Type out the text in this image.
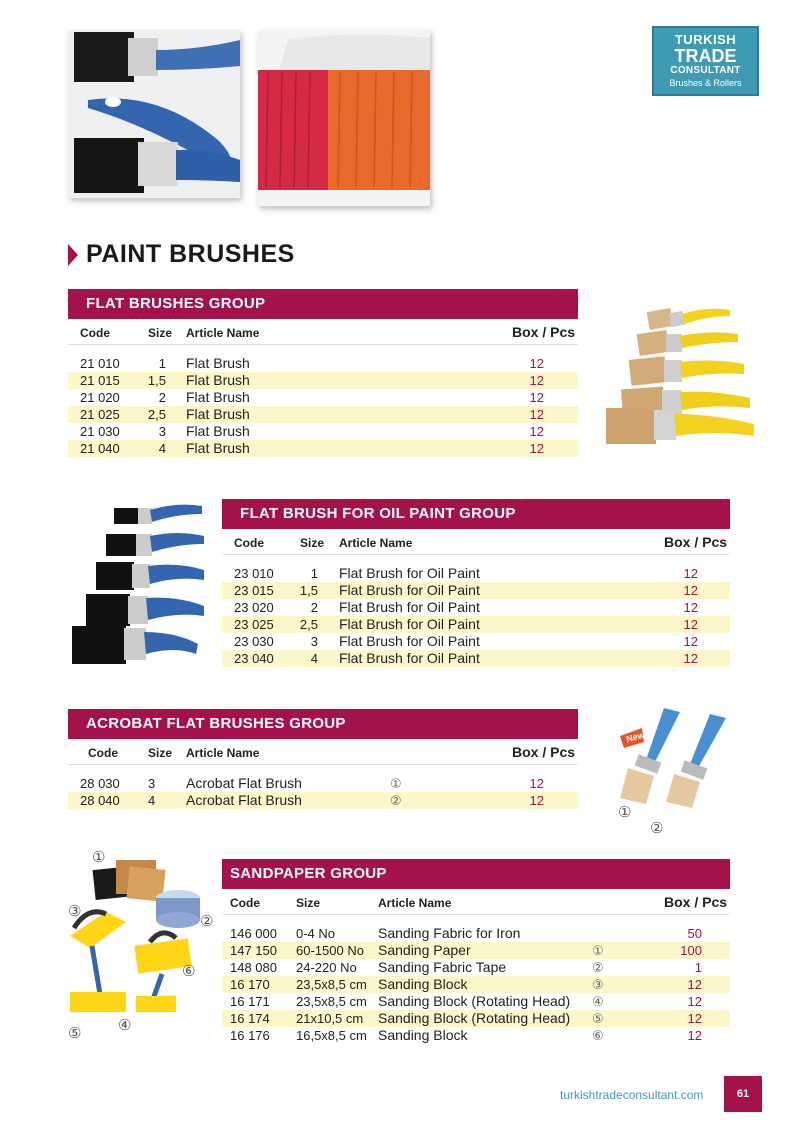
TURKISH
TRADE
CONSULTANT
Brushes & Rollers
PAINT BRUSHES
FLAT BRUSHES GROUP
Code	Size Article Name	Box / Pcs
21 010	1 Flat Brush	12
21 015	1,5 Flat Brush	12
21 020	2 Flat Brush	12
21 025	2,5 Flat Brush	12
21 030	3 Flat Brush	12
21 040	4 Flat Brush	12
FLAT BRUSH FOR OIL PAINT GROUP
Code	Size Article Name	Box / Pcs
23 010	1 Flat Brush for Oil Paint	12
23 015	1,5 Flat Brush for Oil Paint	12
23 020	2 Flat Brush for Oil Paint	12
23 025	2,5 Flat Brush for Oil Paint	12
23 030	3 Flat Brush for Oil Paint	12
23 040	4 Flat Brush for Oil Paint	12
ACROBAT FLAT BRUSHES GROUP
Code	Size Article Name	Box / Pcs
28 030 3 Acrobat Flat Brush	①	12
28 040 4 Acrobat Flat Brush	②	12
New
①
②
①
②
③
④
⑤
⑥
SANDPAPER GROUP
Code	Size	Article Name	Box / Pcs
146 000 0-4 No	Sanding Fabric for Iron	50
147 150 60-1500 No Sanding Paper	①	100
148 080 24-220 No Sanding Fabric Tape	②	1
16 170 23,5x8,5 cm Sanding Block	③	12
16 171 23,5x8,5 cm Sanding Block (Rotating Head) ④	12
16 174 21x10,5 cm Sanding Block (Rotating Head) ⑤	12
16 176 16,5x8,5 cm Sanding Block	⑥	12
turkishtradeconsultant.com	61
